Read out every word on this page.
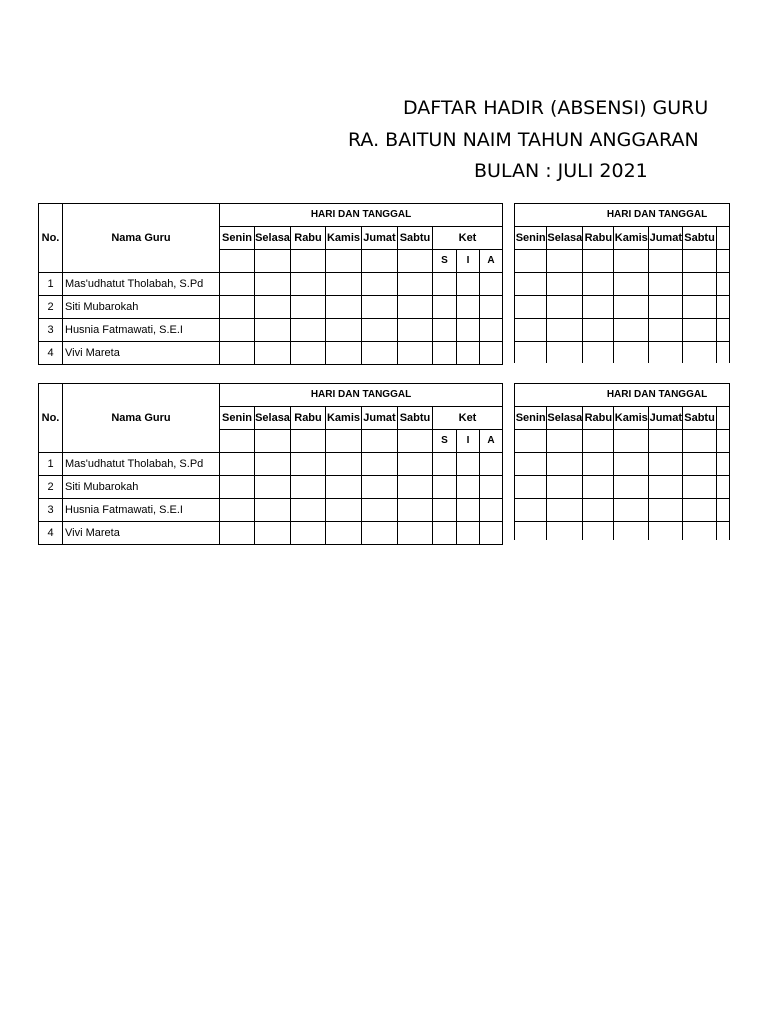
DAFTAR HADIR (ABSENSI) GURU
RA. BAITUN NAIM TAHUN ANGGARAN
BULAN : JULI 2021
No.	Nama Guru	HARI DAN TANGGAL								
		Senin	Selasa	Rabu	Kamis	Jumat	Sabtu	Ket		
								S	I	A
1	Mas'udhatut Tholabah, S.Pd									
2	Siti Mubarokah									
3	Husnia Fatmawati, S.E.I									
4	Vivi Mareta									
HARI DAN TANGGAL						
Senin	Selasa	Rabu	Kamis	Jumat	Sabtu	

No.	Nama Guru	HARI DAN TANGGAL								
		Senin	Selasa	Rabu	Kamis	Jumat	Sabtu	Ket		
								S	I	A
1	Mas'udhatut Tholabah, S.Pd									
2	Siti Mubarokah									
3	Husnia Fatmawati, S.E.I									
4	Vivi Mareta									
HARI DAN TANGGAL						
Senin	Selasa	Rabu	Kamis	Jumat	Sabtu	
